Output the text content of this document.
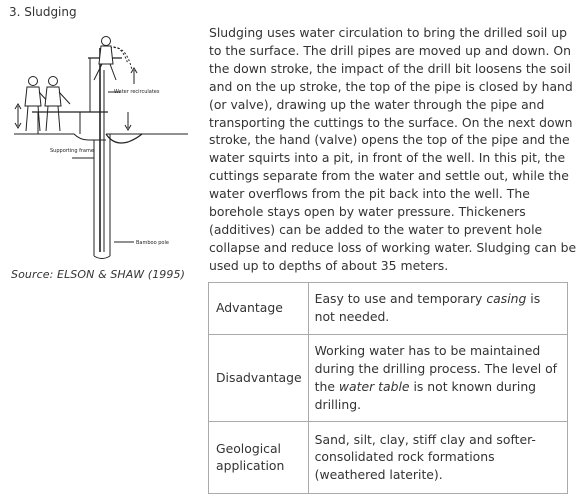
3. Sludging
Water recirculates
Supporting frame
Bamboo pole
Source: ELSON & SHAW (1995)

Sludging uses water circulation to bring the drilled soil up to the surface. The drill pipes are moved up and down. On the down stroke, the impact of the drill bit loosens the soil and on the up stroke, the top of the pipe is closed by hand (or valve), drawing up the water through the pipe and transporting the cuttings to the surface. On the next down stroke, the hand (valve) opens the top of the pipe and the water squirts into a pit, in front of the well. In this pit, the cuttings separate from the water and settle out, while the water overflows from the pit back into the well. The borehole stays open by water pressure. Thickeners (additives) can be added to the water to prevent hole collapse and reduce loss of working water. Sludging can be used up to depths of about 35 meters.

Advantage	Easy to use and temporary casing is not needed.
Disadvantage	Working water has to be maintained during the drilling process. The level of the water table is not known during drilling.
Geological application	Sand, silt, clay, stiff clay and softer-consolidated rock formations (weathered laterite).
